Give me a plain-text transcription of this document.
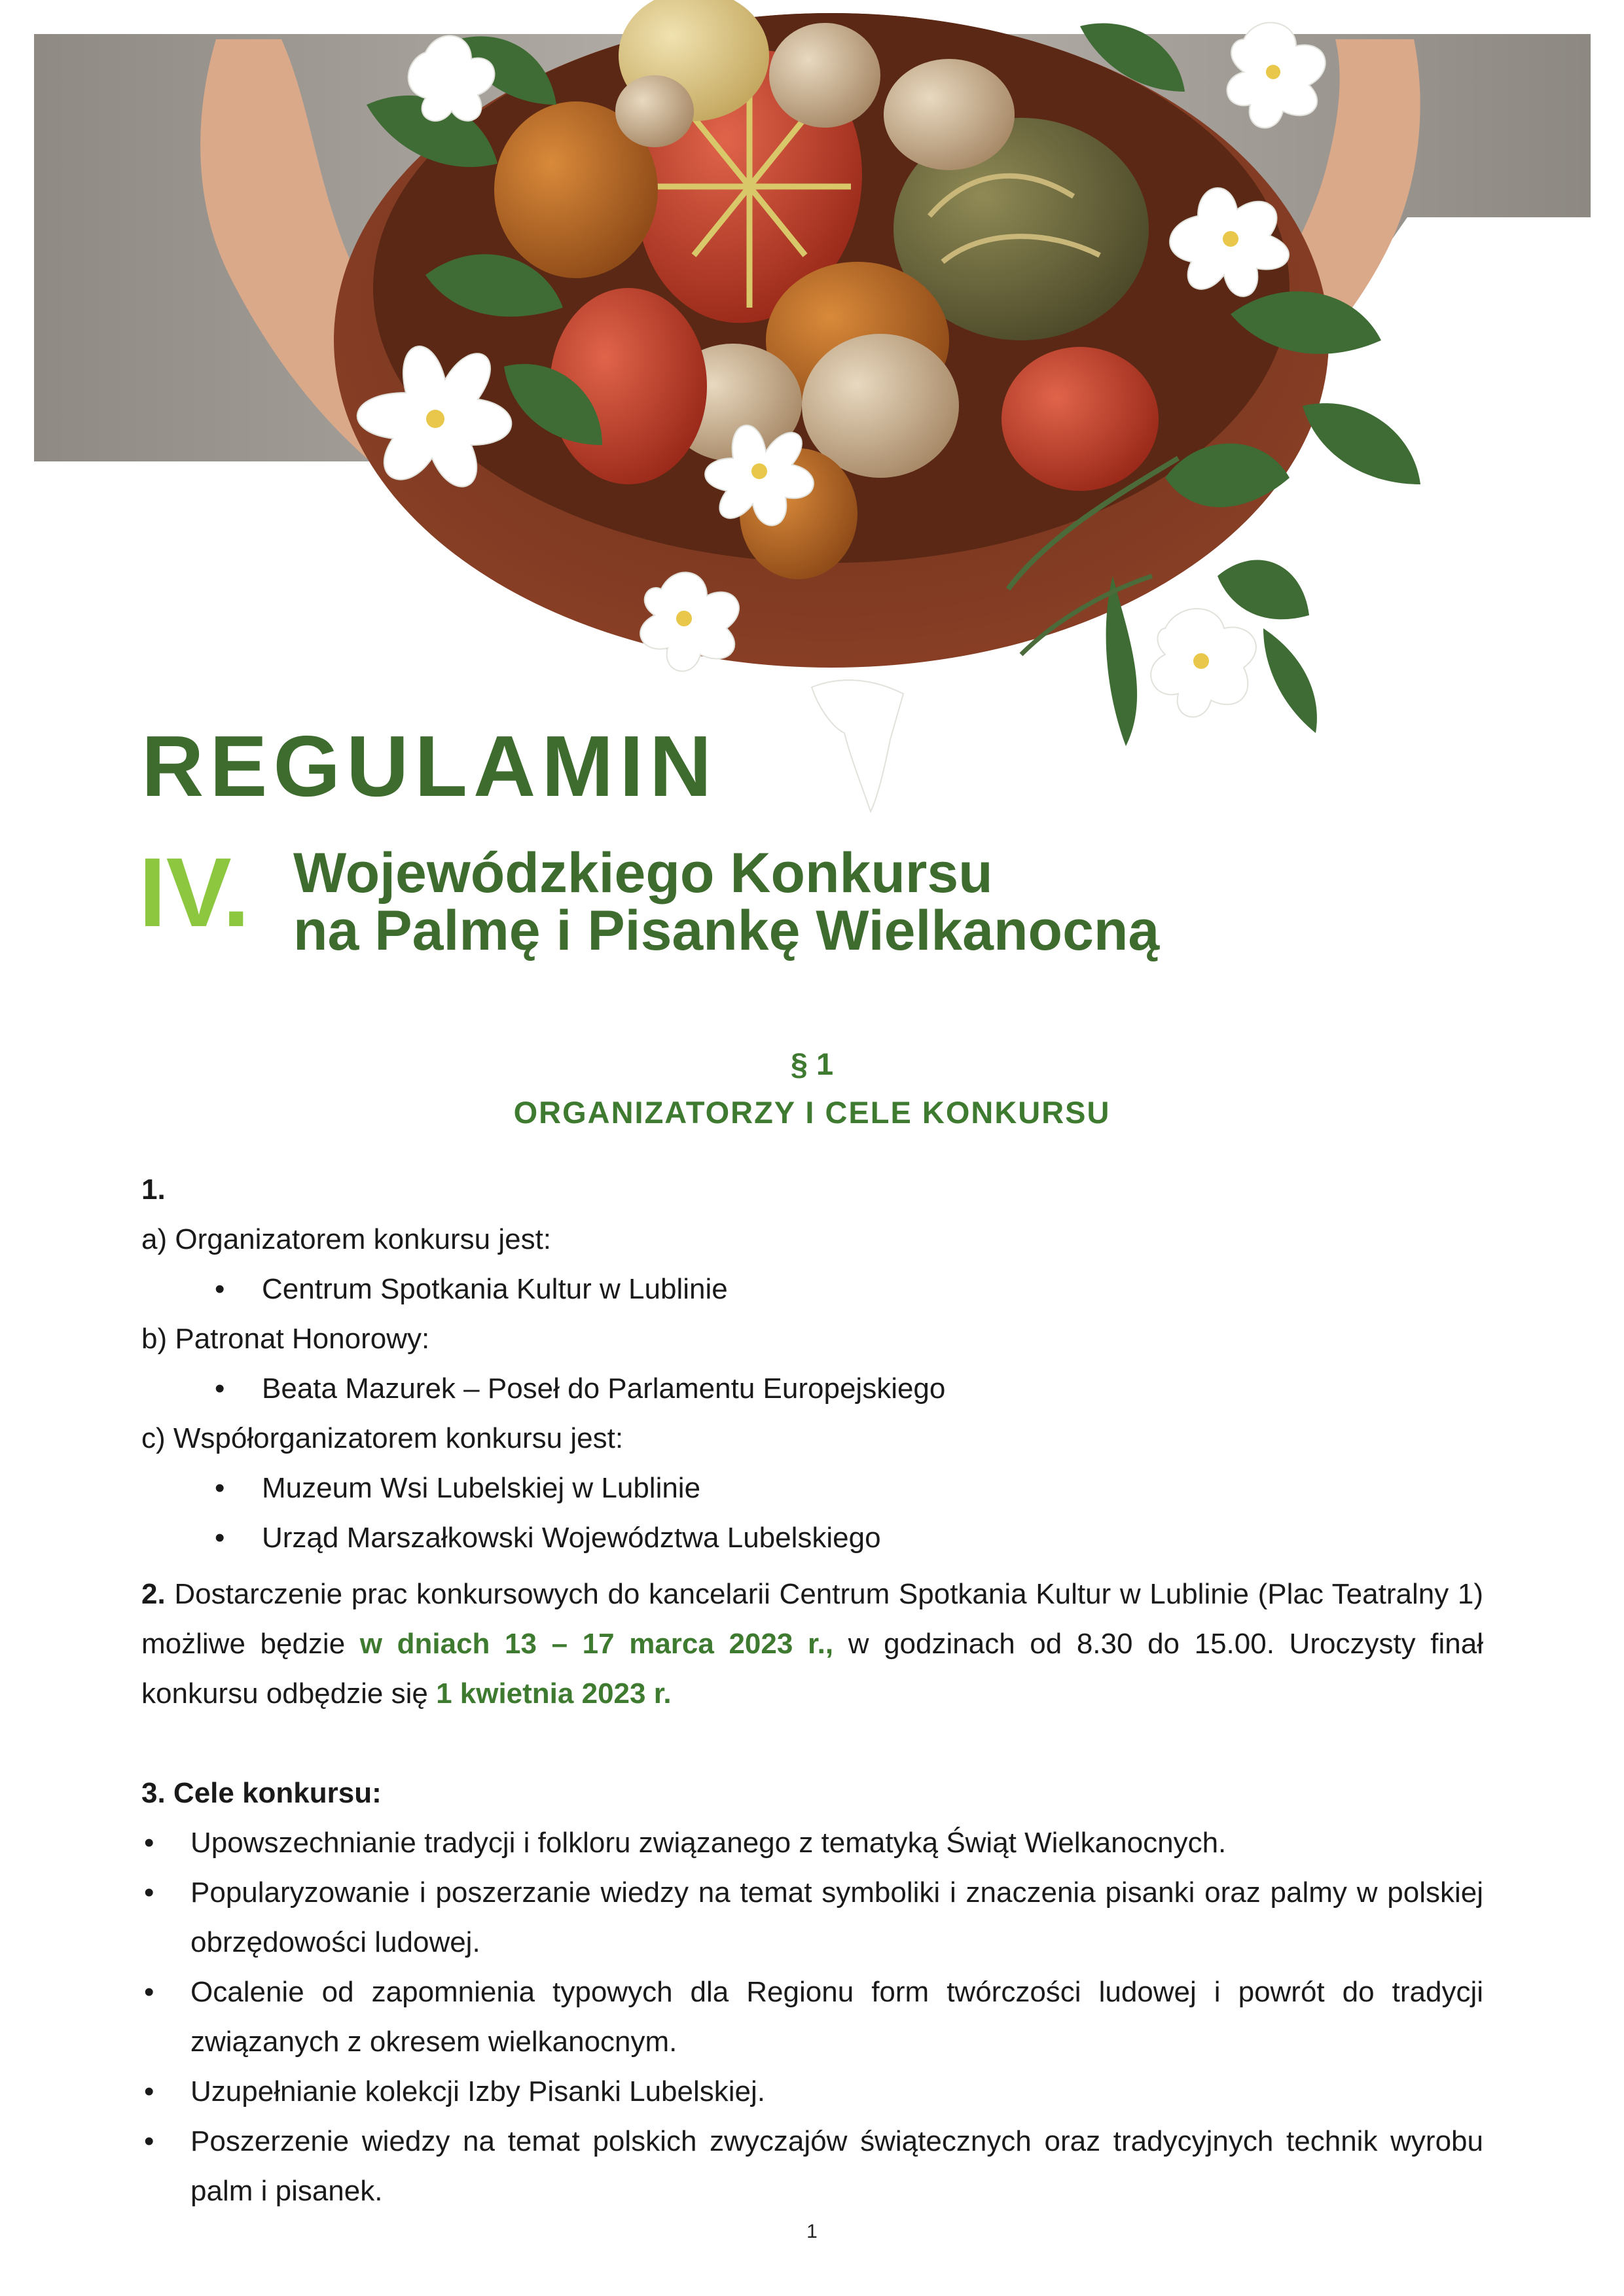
REGULAMIN
IV. Wojewódzkiego Konkursu
na Palmę i Pisankę Wielkanocną
§ 1
ORGANIZATORZY I CELE KONKURSU

1.

a) Organizatorem konkursu jest:

• Centrum Spotkania Kultur w Lublinie

b) Patronat Honorowy:

• Beata Mazurek – Poseł do Parlamentu Europejskiego

c) Współorganizatorem konkursu jest:

• Muzeum Wsi Lubelskiej w Lublinie
• Urząd Marszałkowski Województwa Lubelskiego

2. Dostarczenie prac konkursowych do kancelarii Centrum Spotkania Kultur w Lublinie (Plac Teatralny 1) możliwe będzie w dniach 13 – 17 marca 2023 r., w godzinach od 8.30 do 15.00. Uroczysty finał konkursu odbędzie się 1 kwietnia 2023 r.

3. Cele konkursu:

• Upowszechnianie tradycji i folkloru związanego z tematyką Świąt Wielkanocnych.
• Popularyzowanie i poszerzanie wiedzy na temat symboliki i znaczenia pisanki oraz palmy w polskiej obrzędowości ludowej.
• Ocalenie od zapomnienia typowych dla Regionu form twórczości ludowej i powrót do tradycji związanych z okresem wielkanocnym.
• Uzupełnianie kolekcji Izby Pisanki Lubelskiej.
• Poszerzenie wiedzy na temat polskich zwyczajów świątecznych oraz tradycyjnych technik wyrobu palm i pisanek.
1
